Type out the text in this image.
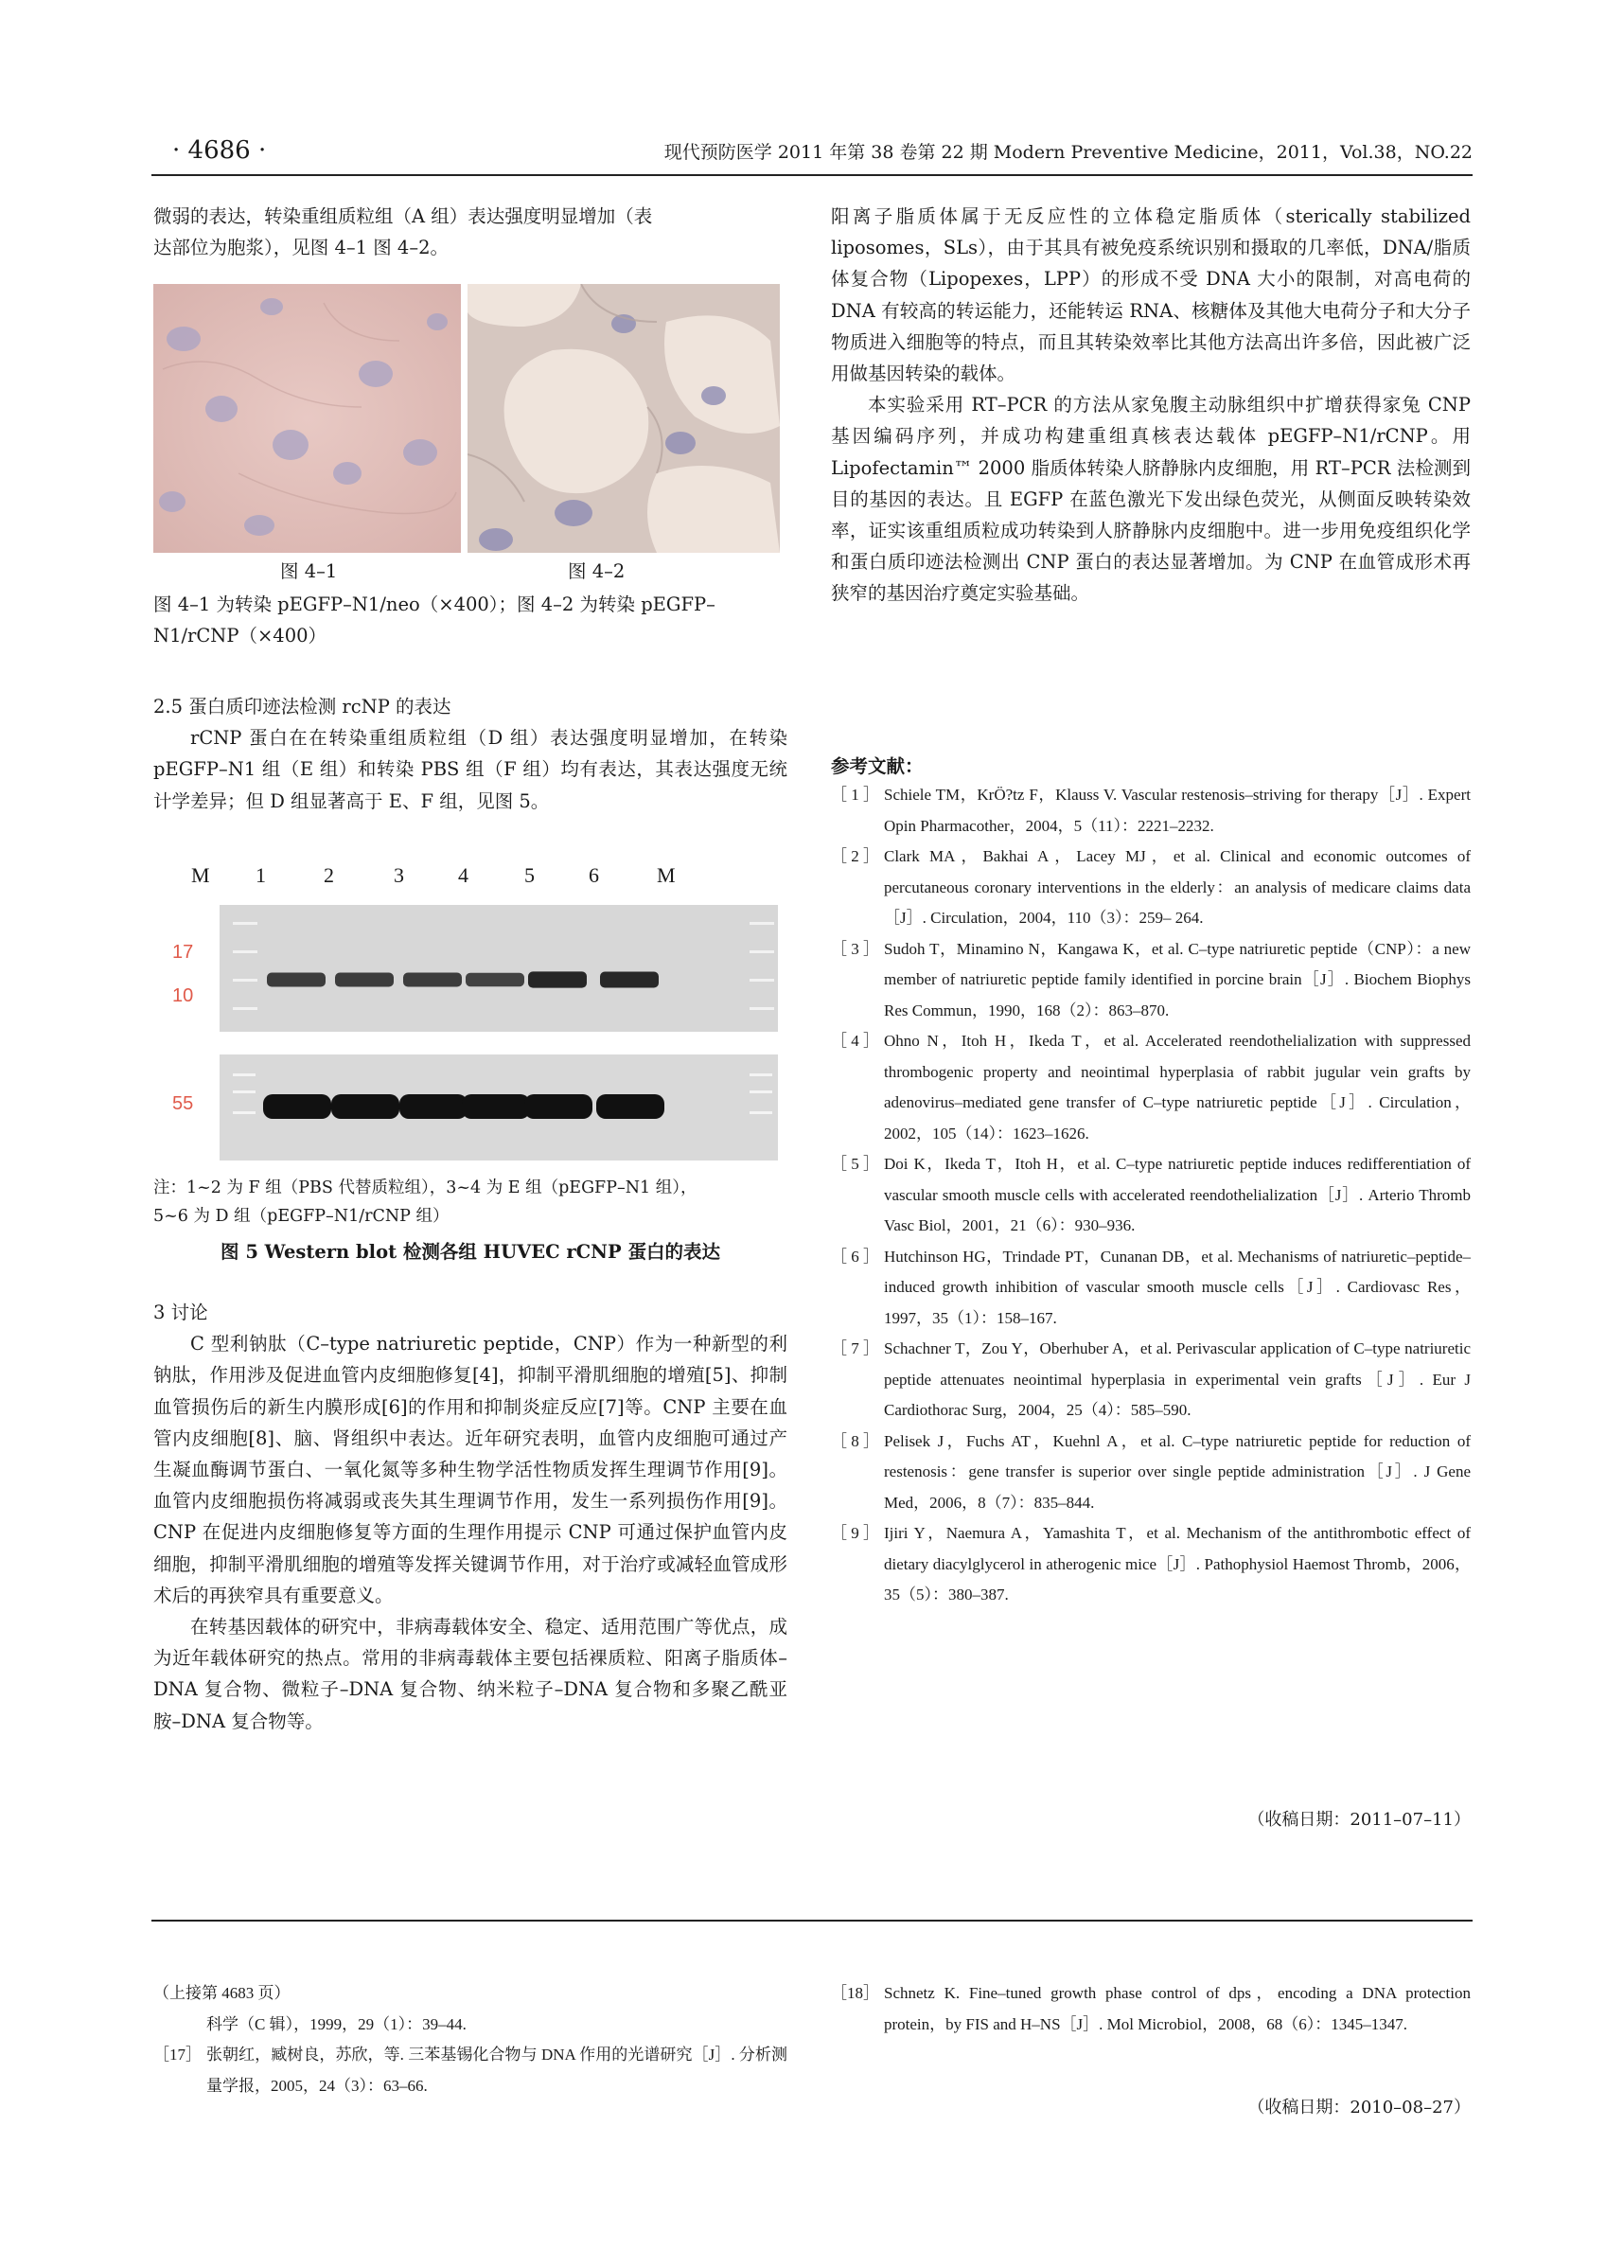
· 4686 ·	现代预防医学 2011 年第 38 卷第 22 期 Modern Preventive Medicine，2011，Vol.38，NO.22

微弱的表达，转染重组质粒组（A 组）表达强度明显增加（表

达部位为胞浆），见图 4–1 图 4–2。

图 4–1	图 4–2

图 4–1 为转染 pEGFP–N1/neo（×400）；图 4–2 为转染 pEGFP–

N1/rCNP（×400）

2.5 蛋白质印迹法检测 rcNP 的表达

rCNP 蛋白在在转染重组质粒组（D 组）表达强度明显增加，在转染 pEGFP–N1 组（E 组）和转染 PBS 组（F 组）均有表达，其表达强度无统计学差异；但 D 组显著高于 E、F 组，见图 5。

17
10
55
M 1	2	3	4	5	6	M

注：1~2 为 F 组（PBS 代替质粒组），3~4 为 E 组（pEGFP–N1 组），

5~6 为 D 组（pEGFP–N1/rCNP 组）

图 5 Western blot 检测各组 HUVEC rCNP 蛋白的表达

3 讨论

C 型利钠肽（C–type natriuretic peptide，CNP）作为一种新型的利钠肽，作用涉及促进血管内皮细胞修复[4]，抑制平滑肌细胞的增殖[5]、抑制血管损伤后的新生内膜形成[6]的作用和抑制炎症反应[7]等。CNP 主要在血管内皮细胞[8]、脑、肾组织中表达。近年研究表明，血管内皮细胞可通过产生凝血酶调节蛋白、一氧化氮等多种生物学活性物质发挥生理调节作用[9]。血管内皮细胞损伤将减弱或丧失其生理调节作用，发生一系列损伤作用[9]。CNP 在促进内皮细胞修复等方面的生理作用提示 CNP 可通过保护血管内皮细胞，抑制平滑肌细胞的增殖等发挥关键调节作用，对于治疗或减轻血管成形术后的再狭窄具有重要意义。

在转基因载体的研究中，非病毒载体安全、稳定、适用范围广等优点，成为近年载体研究的热点。常用的非病毒载体主要包括裸质粒、阳离子脂质体–DNA 复合物、微粒子–DNA 复合物、纳米粒子–DNA 复合物和多聚乙酰亚胺–DNA 复合物等。

阳离子脂质体属于无反应性的立体稳定脂质体（sterically stabilized liposomes，SLs），由于其具有被免疫系统识别和摄取的几率低，DNA/脂质体复合物（Lipopexes，LPP）的形成不受 DNA 大小的限制，对高电荷的 DNA 有较高的转运能力，还能转运 RNA、核糖体及其他大电荷分子和大分子物质进入细胞等的特点，而且其转染效率比其他方法高出许多倍，因此被广泛用做基因转染的载体。

本实验采用 RT–PCR 的方法从家兔腹主动脉组织中扩增获得家兔 CNP 基因编码序列，并成功构建重组真核表达载体 pEGFP–N1/rCNP。用 Lipofectamin™ 2000 脂质体转染人脐静脉内皮细胞，用 RT–PCR 法检测到目的基因的表达。且 EGFP 在蓝色激光下发出绿色荧光，从侧面反映转染效率，证实该重组质粒成功转染到人脐静脉内皮细胞中。进一步用免疫组织化学和蛋白质印迹法检测出 CNP 蛋白的表达显著增加。为 CNP 在血管成形术再狭窄的基因治疗奠定实验基础。

参考文献：

［ 1 ］ Schiele TM，KrÖ?tz F，Klauss V. Vascular restenosis–striving for therapy［J］. Expert Opin Pharmacother，2004，5（11）：2221–2232.

［ 2 ］ Clark MA，Bakhai A，Lacey MJ，et al. Clinical and economic outcomes of percutaneous coronary interventions in the elderly：an analysis of medicare claims data［J］. Circulation，2004，110（3）：259– 264.

［ 3 ］ Sudoh T，Minamino N，Kangawa K，et al. C–type natriuretic peptide（CNP）：a new member of natriuretic peptide family identified in porcine brain［J］. Biochem Biophys Res Commun，1990，168（2）：863–870.

［ 4 ］ Ohno N，Itoh H，Ikeda T，et al. Accelerated reendothelialization with suppressed thrombogenic property and neointimal hyperplasia of rabbit jugular vein grafts by adenovirus–mediated gene transfer of C–type natriuretic peptide［J］. Circulation，2002，105（14）：1623–1626.

［ 5 ］ Doi K，Ikeda T，Itoh H，et al. C–type natriuretic peptide induces redifferentiation of vascular smooth muscle cells with accelerated reendothelialization［J］. Arterio Thromb Vasc Biol，2001，21（6）：930–936.

［ 6 ］ Hutchinson HG，Trindade PT，Cunanan DB，et al. Mechanisms of natriuretic–peptide–induced growth inhibition of vascular smooth muscle cells［J］. Cardiovasc Res，1997，35（1）：158–167.

［ 7 ］ Schachner T，Zou Y，Oberhuber A，et al. Perivascular application of C–type natriuretic peptide attenuates neointimal hyperplasia in experimental vein grafts［J］. Eur J Cardiothorac Surg，2004，25（4）：585–590.

［ 8 ］ Pelisek J，Fuchs AT，Kuehnl A，et al. C–type natriuretic peptide for reduction of restenosis：gene transfer is superior over single peptide administration［J］. J Gene Med，2006，8（7）：835–844.

［ 9 ］ Ijiri Y，Naemura A，Yamashita T，et al. Mechanism of the antithrombotic effect of dietary diacylglycerol in atherogenic mice［J］. Pathophysiol Haemost Thromb，2006，35（5）：380–387.

（收稿日期：2011–07–11）

（上接第 4683 页）

科学（C 辑），1999，29（1）：39–44.

［17］ 张朝红，臧树良，苏欣，等. 三苯基锡化合物与 DNA 作用的光谱研究［J］. 分析测量学报，2005，24（3）：63–66.

［18］ Schnetz K. Fine–tuned growth phase control of dps，encoding a DNA protection protein，by FIS and H–NS［J］. Mol Microbiol，2008，68（6）：1345–1347.

（收稿日期：2010–08–27）
